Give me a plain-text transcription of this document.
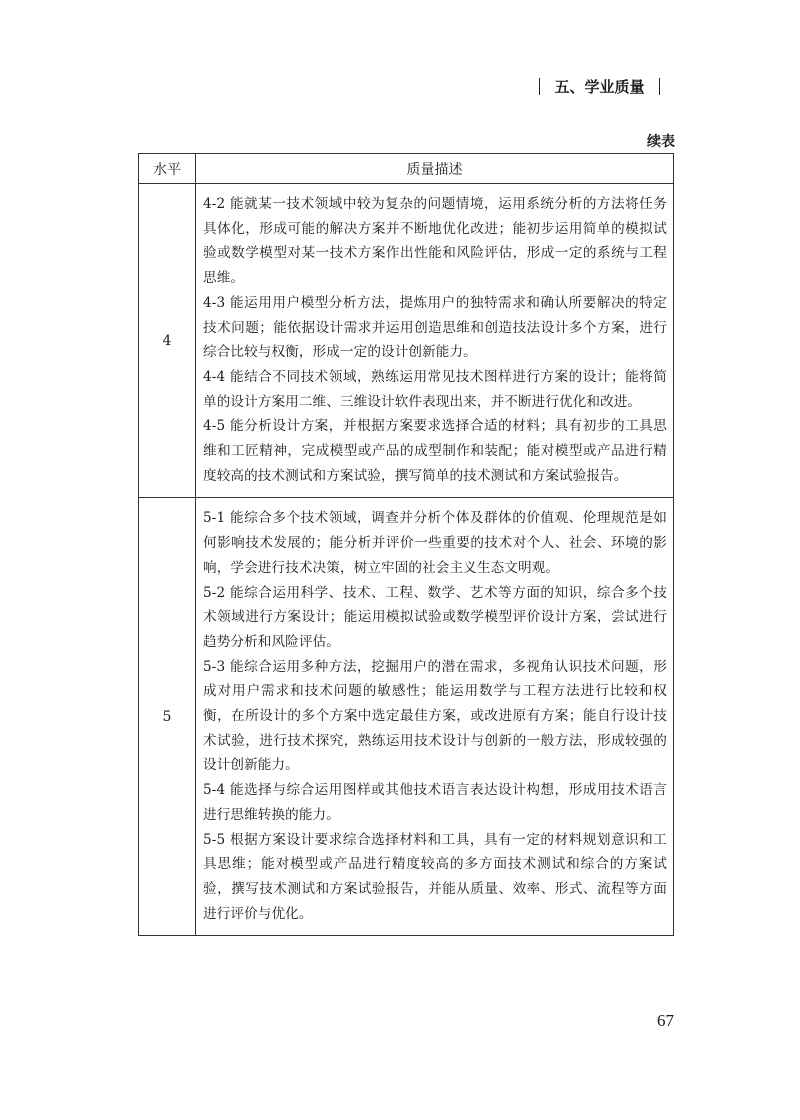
五、学业质量
续表
水平	质量描述
4	4-2 能就某一技术领域中较为复杂的问题情境，运用系统分析的方法将任务具体化，形成可能的解决方案并不断地优化改进；能初步运用简单的模拟试验或数学模型对某一技术方案作出性能和风险评估，形成一定的系统与工程思维。
4-3 能运用用户模型分析方法，提炼用户的独特需求和确认所要解决的特定技术问题；能依据设计需求并运用创造思维和创造技法设计多个方案，进行综合比较与权衡，形成一定的设计创新能力。
4-4 能结合不同技术领域，熟练运用常见技术图样进行方案的设计；能将简单的设计方案用二维、三维设计软件表现出来，并不断进行优化和改进。
4-5 能分析设计方案，并根据方案要求选择合适的材料；具有初步的工具思维和工匠精神，完成模型或产品的成型制作和装配；能对模型或产品进行精度较高的技术测试和方案试验，撰写简单的技术测试和方案试验报告。

5	5-1 能综合多个技术领域，调查并分析个体及群体的价值观、伦理规范是如何影响技术发展的；能分析并评价一些重要的技术对个人、社会、环境的影响，学会进行技术决策，树立牢固的社会主义生态文明观。
5-2 能综合运用科学、技术、工程、数学、艺术等方面的知识，综合多个技术领域进行方案设计；能运用模拟试验或数学模型评价设计方案，尝试进行趋势分析和风险评估。
5-3 能综合运用多种方法，挖掘用户的潜在需求，多视角认识技术问题，形成对用户需求和技术问题的敏感性；能运用数学与工程方法进行比较和权衡，在所设计的多个方案中选定最佳方案，或改进原有方案；能自行设计技术试验，进行技术探究，熟练运用技术设计与创新的一般方法，形成较强的设计创新能力。
5-4 能选择与综合运用图样或其他技术语言表达设计构想，形成用技术语言进行思维转换的能力。
5-5 根据方案设计要求综合选择材料和工具，具有一定的材料规划意识和工具思维；能对模型或产品进行精度较高的多方面技术测试和综合的方案试验，撰写技术测试和方案试验报告，并能从质量、效率、形式、流程等方面进行评价与优化。
67
